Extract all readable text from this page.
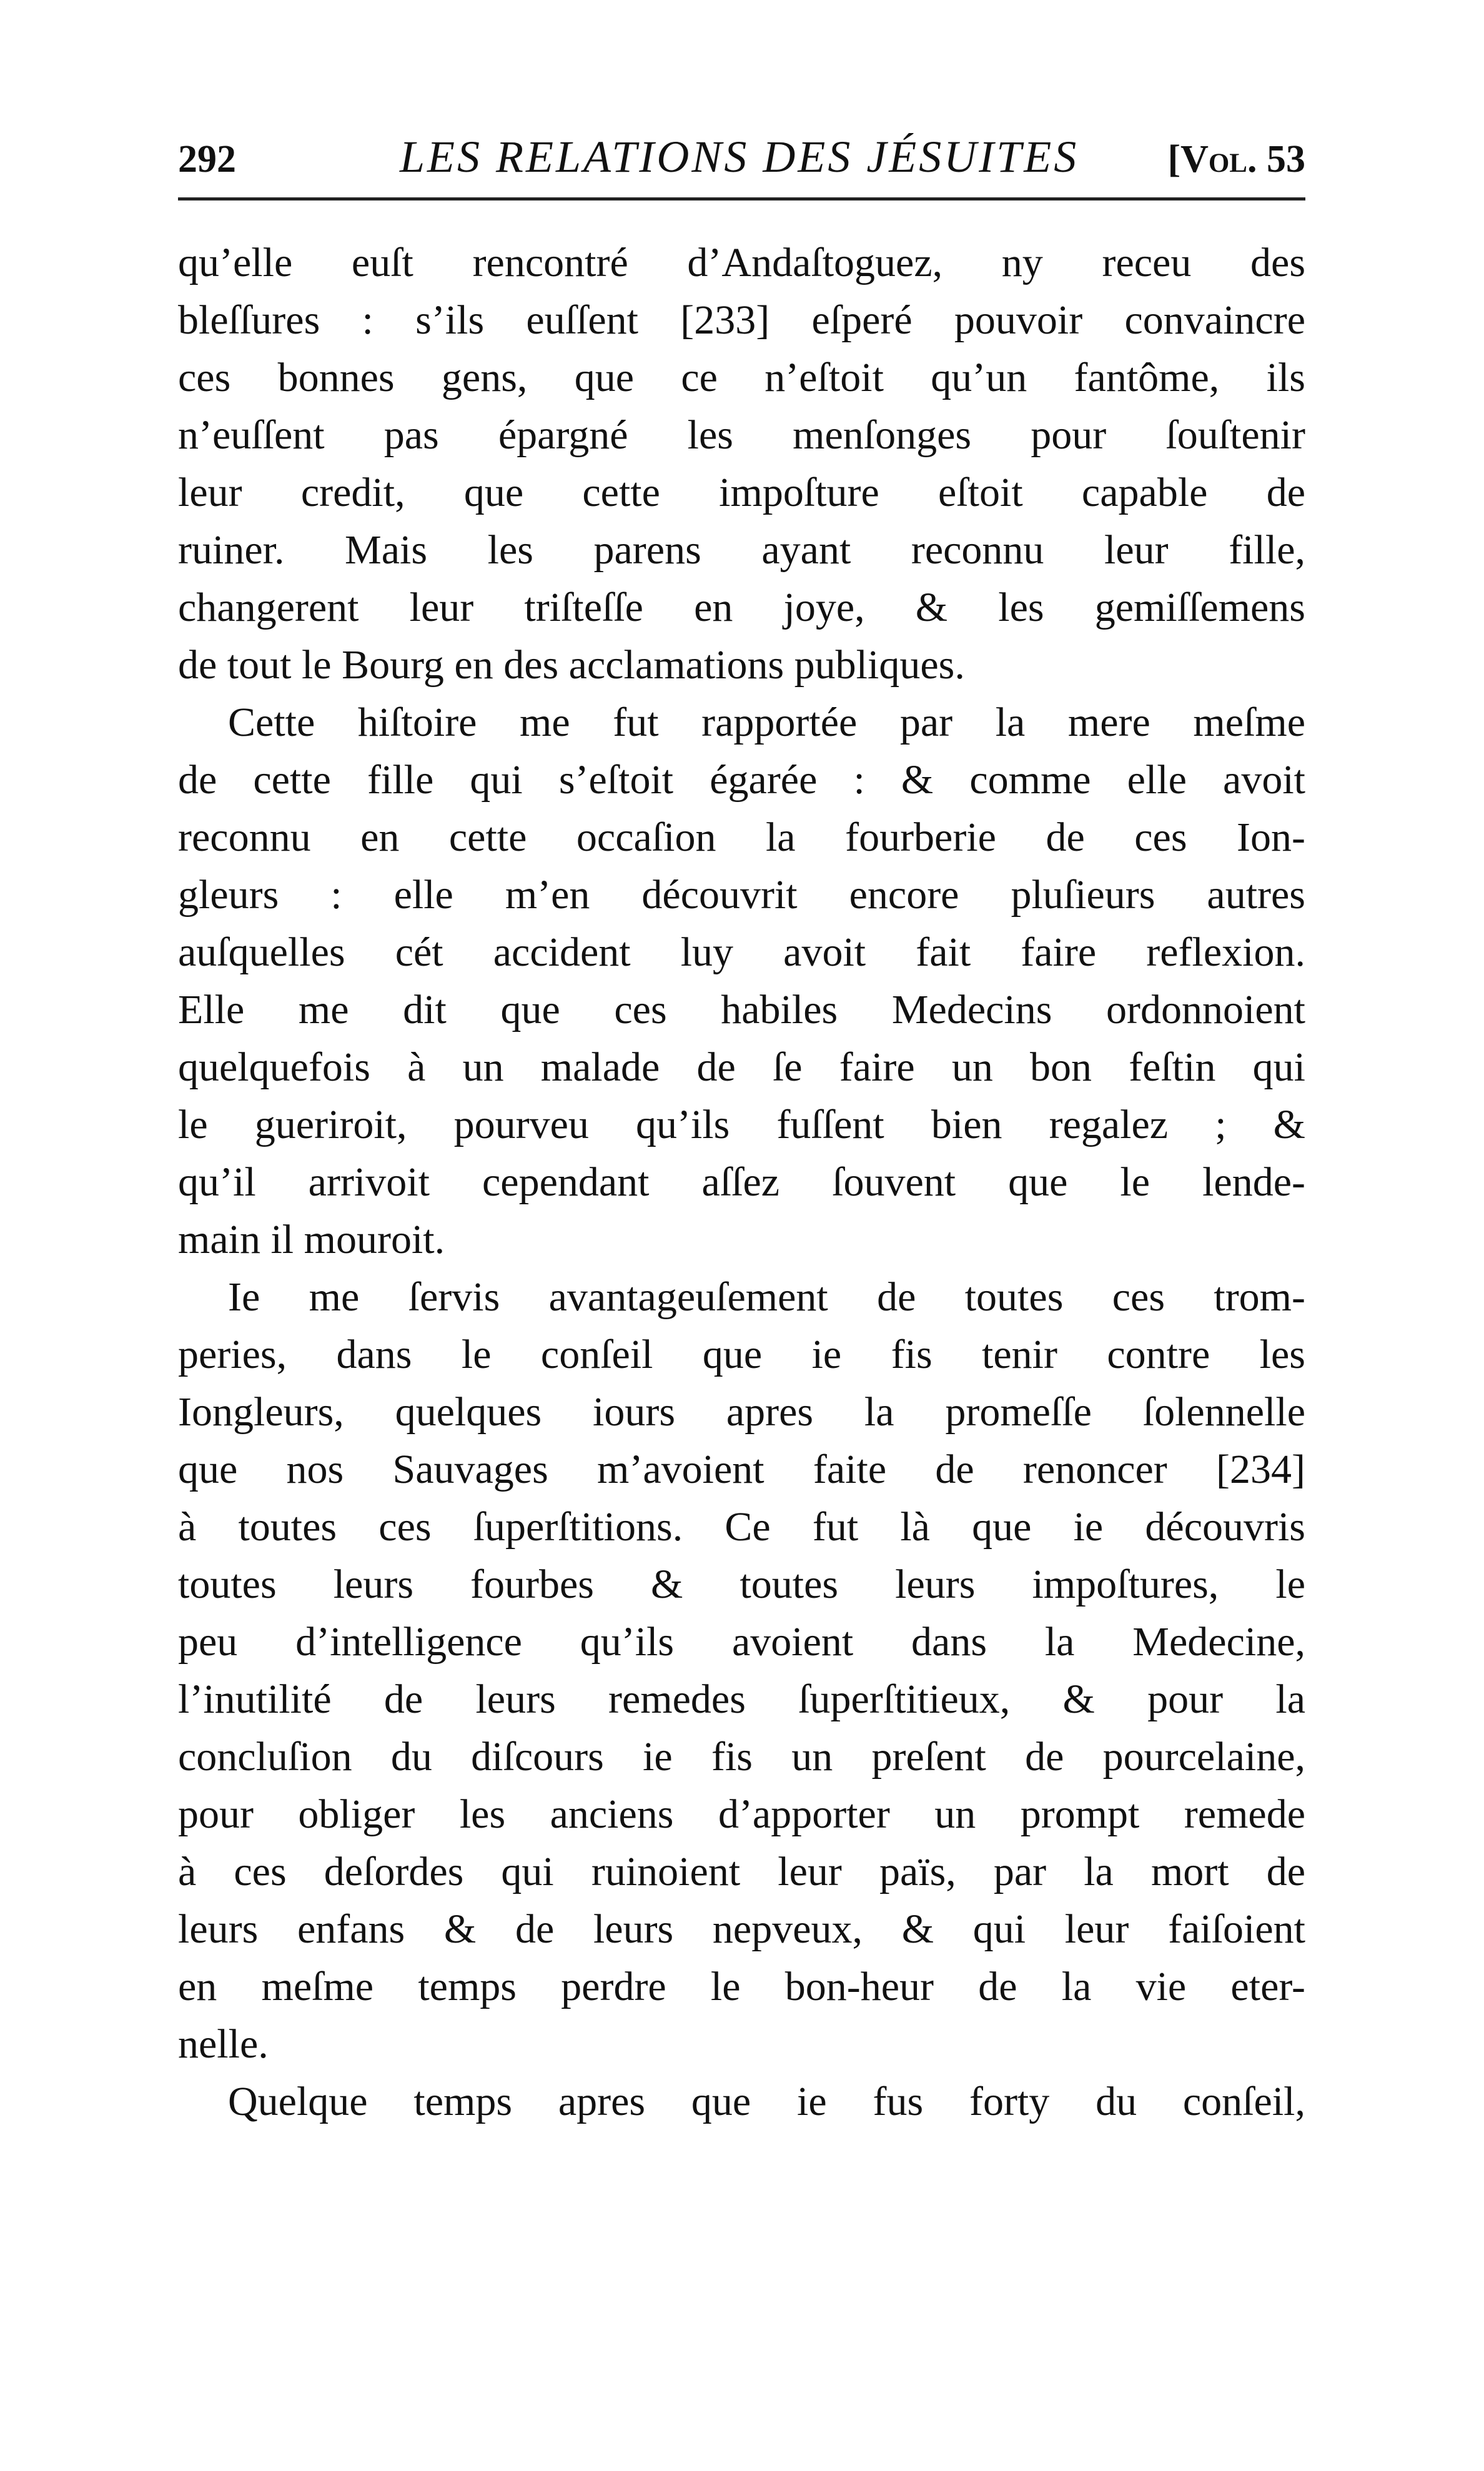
292	LES RELATIONS DES JÉSUITES [Vol. 53
qu’elle euſt rencontré d’Andaſtoguez, ny receu des
bleſſures : s’ils euſſent [233] eſperé pouvoir convaincre
ces bonnes gens, que ce n’eſtoit qu’un fantôme, ils
n’euſſent pas épargné les menſonges pour ſouſtenir
leur credit, que cette impoſture eſtoit capable de
ruiner. Mais les parens ayant reconnu leur fille,
changerent leur triſteſſe en joye, & les gemiſſemens
de tout le Bourg en des acclamations publiques.
Cette hiſtoire me fut rapportée par la mere meſme
de cette fille qui s’eſtoit égarée : & comme elle avoit
reconnu en cette occaſion la fourberie de ces Ion-
gleurs : elle m’en découvrit encore pluſieurs autres
auſquelles cét accident luy avoit fait faire reflexion.
Elle me dit que ces habiles Medecins ordonnoient
quelquefois à un malade de ſe faire un bon feſtin qui
le gueriroit, pourveu qu’ils fuſſent bien regalez ; &
qu’il arrivoit cependant aſſez ſouvent que le lende-
main il mouroit.
Ie me ſervis avantageuſement de toutes ces trom-
peries, dans le conſeil que ie fis tenir contre les
Iongleurs, quelques iours apres la promeſſe ſolennelle
que nos Sauvages m’avoient faite de renoncer [234]
à toutes ces ſuperſtitions. Ce fut là que ie découvris
toutes leurs fourbes & toutes leurs impoſtures, le
peu d’intelligence qu’ils avoient dans la Medecine,
l’inutilité de leurs remedes ſuperſtitieux, & pour la
concluſion du diſcours ie fis un preſent de pourcelaine,
pour obliger les anciens d’apporter un prompt remede
à ces deſordes qui ruinoient leur païs, par la mort de
leurs enfans & de leurs nepveux, & qui leur faiſoient
en meſme temps perdre le bon-heur de la vie eter-
nelle.
Quelque temps apres que ie fus forty du conſeil,
